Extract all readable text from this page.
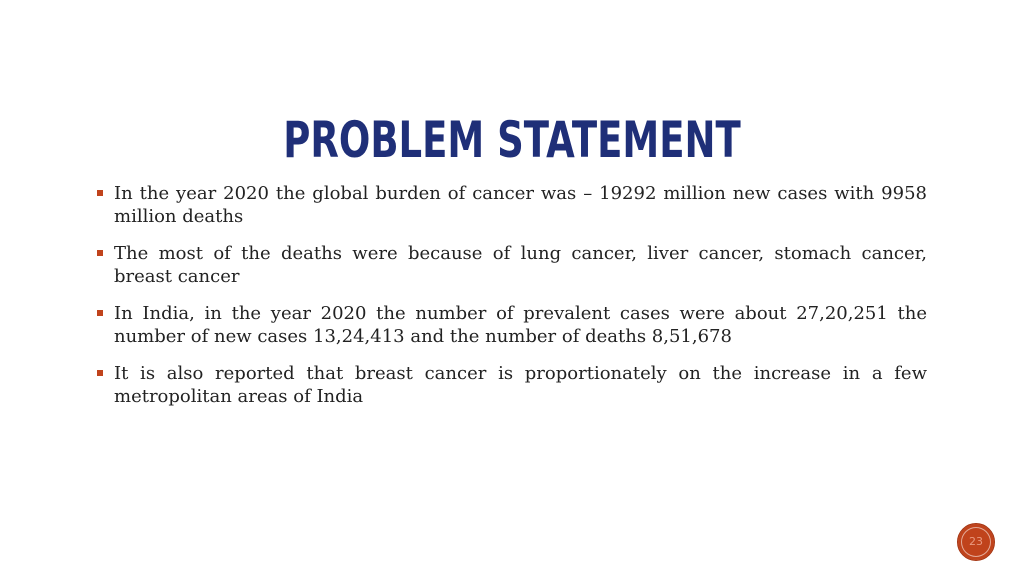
PROBLEM STATEMENT
In the year 2020 the global burden of cancer was – 19292 million new cases with 9958 million deaths
The most of the deaths were because of lung cancer, liver cancer, stomach cancer, breast cancer
In India, in the year 2020 the number of prevalent cases were about 27,20,251 the number of new cases 13,24,413 and the number of deaths 8,51,678
It is also reported that breast cancer is proportionately on the increase in a few metropolitan areas of India
23
